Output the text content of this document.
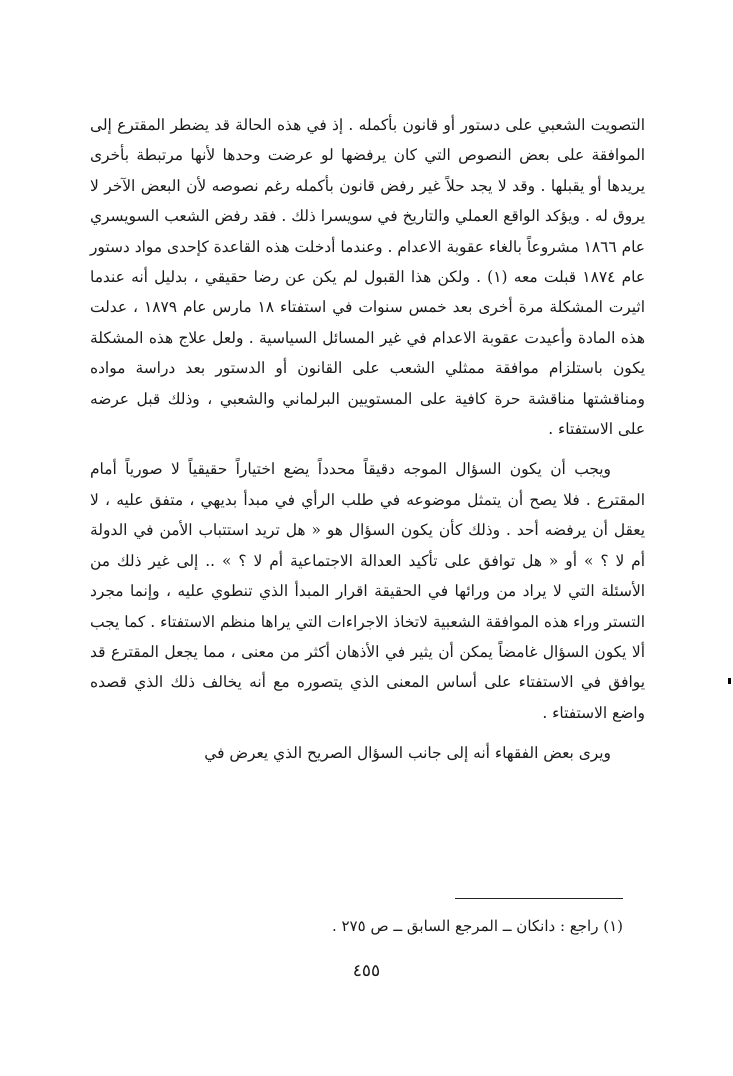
التصويت الشعبي على دستور أو قانون بأكمله . إذ في هذه الحالة قد يضطر المقترع إلى الموافقة على بعض النصوص التي كان يرفضها لو عرضت وحدها لأنها مرتبطة بأخرى يريدها أو يقبلها . وقد لا يجد حلاً غير رفض قانون بأكمله رغم نصوصه لأن البعض الآخر لا يروق له . ويؤكد الواقع العملي والتاريخ في سويسرا ذلك . فقد رفض الشعب السويسري عام ١٨٦٦ مشروعاً بالغاء عقوبة الاعدام . وعندما أدخلت هذه القاعدة كإحدى مواد دستور عام ١٨٧٤ قبلت معه (١) . ولكن هذا القبول لم يكن عن رضا حقيقي ، بدليل أنه عندما اثيرت المشكلة مرة أخرى بعد خمس سنوات في استفتاء ١٨ مارس عام ١٨٧٩ ، عدلت هذه المادة وأعيدت عقوبة الاعدام في غير المسائل السياسية . ولعل علاج هذه المشكلة يكون باستلزام موافقة ممثلي الشعب على القانون أو الدستور بعد دراسة مواده ومناقشتها مناقشة حرة كافية على المستويين البرلماني والشعبي ، وذلك قبل عرضه على الاستفتاء .

ويجب أن يكون السؤال الموجه دقيقاً محدداً يضع اختياراً حقيقياً لا صورياً أمام المقترع . فلا يصح أن يتمثل موضوعه في طلب الرأي في مبدأ بديهي ، متفق عليه ، لا يعقل أن يرفضه أحد . وذلك كأن يكون السؤال هو « هل تريد استتباب الأمن في الدولة أم لا ؟ » أو « هل توافق على تأكيد العدالة الاجتماعية أم لا ؟ » .. إلى غير ذلك من الأسئلة التي لا يراد من ورائها في الحقيقة اقرار المبدأ الذي تنطوي عليه ، وإنما مجرد التستر وراء هذه الموافقة الشعبية لاتخاذ الاجراءات التي يراها منظم الاستفتاء . كما يجب ألا يكون السؤال غامضاً يمكن أن يثير في الأذهان أكثر من معنى ، مما يجعل المقترع قد يوافق في الاستفتاء على أساس المعنى الذي يتصوره مع أنه يخالف ذلك الذي قصده واضع الاستفتاء .

ويرى بعض الفقهاء أنه إلى جانب السؤال الصريح الذي يعرض في

(١) راجع : دانكان ــ المرجع السابق ــ ص ٢٧٥ .

٤٥٥
